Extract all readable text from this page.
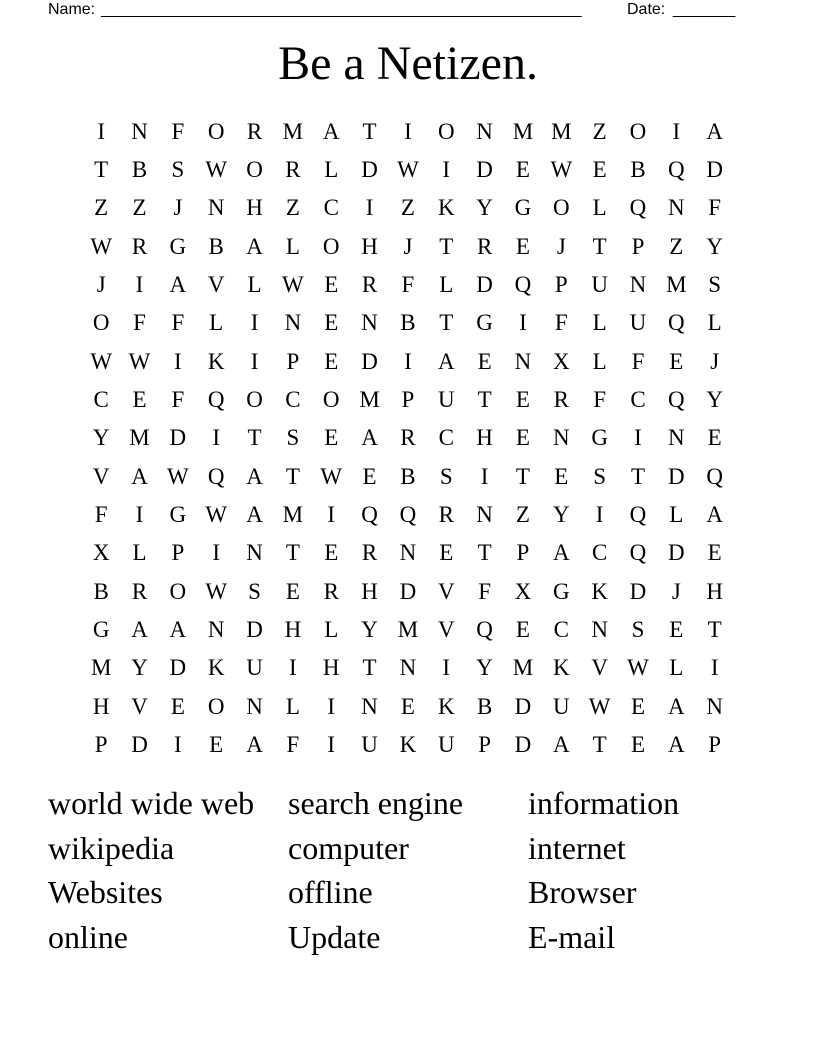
Name: ______________________________________________________	Date: _______
Be a Netizen.
I	N	F	O R M A	T	I	O N M M Z	O	I	A
T	B	S W O R	L	D W	I	D	E W E	B Q D
Z	Z	J	N H	Z	C	I	Z	K Y G O	L	Q N	F
W R G B A	L	O H	J	T	R	E	J	T	P	Z	Y
J	I	A V	L W E	R	F	L	D Q	P	U N M S
O	F	F	L	I	N	E	N B	T	G	I	F	L	U Q	L
W W	I	K	I	P	E	D	I	A	E	N X	L	F	E	J
C	E	F	Q O C O M P	U	T	E	R	F	C Q Y
Y M D	I	T	S	E	A R	C H	E	N G	I	N	E
V A W Q A	T W E	B	S	I	T	E	S	T	D Q
F	I	G W A M	I	Q Q R N	Z	Y	I	Q	L	A
X	L	P	I	N	T	E	R N	E	T	P	A C Q D	E
B	R O W S	E	R H D V	F	X G K D	J	H
G A A N D H	L	Y M V Q	E	C N	S	E	T
M Y D K U	I	H	T	N	I	Y M K V W L	I
H V	E	O N	L	I	N	E	K B D U W E	A N
P	D	I	E	A	F	I	U K U	P	D A	T	E	A	P
world wide web	search engine	information
wikipedia	computer	internet
Websites	offline	Browser
online	Update	E-mail
